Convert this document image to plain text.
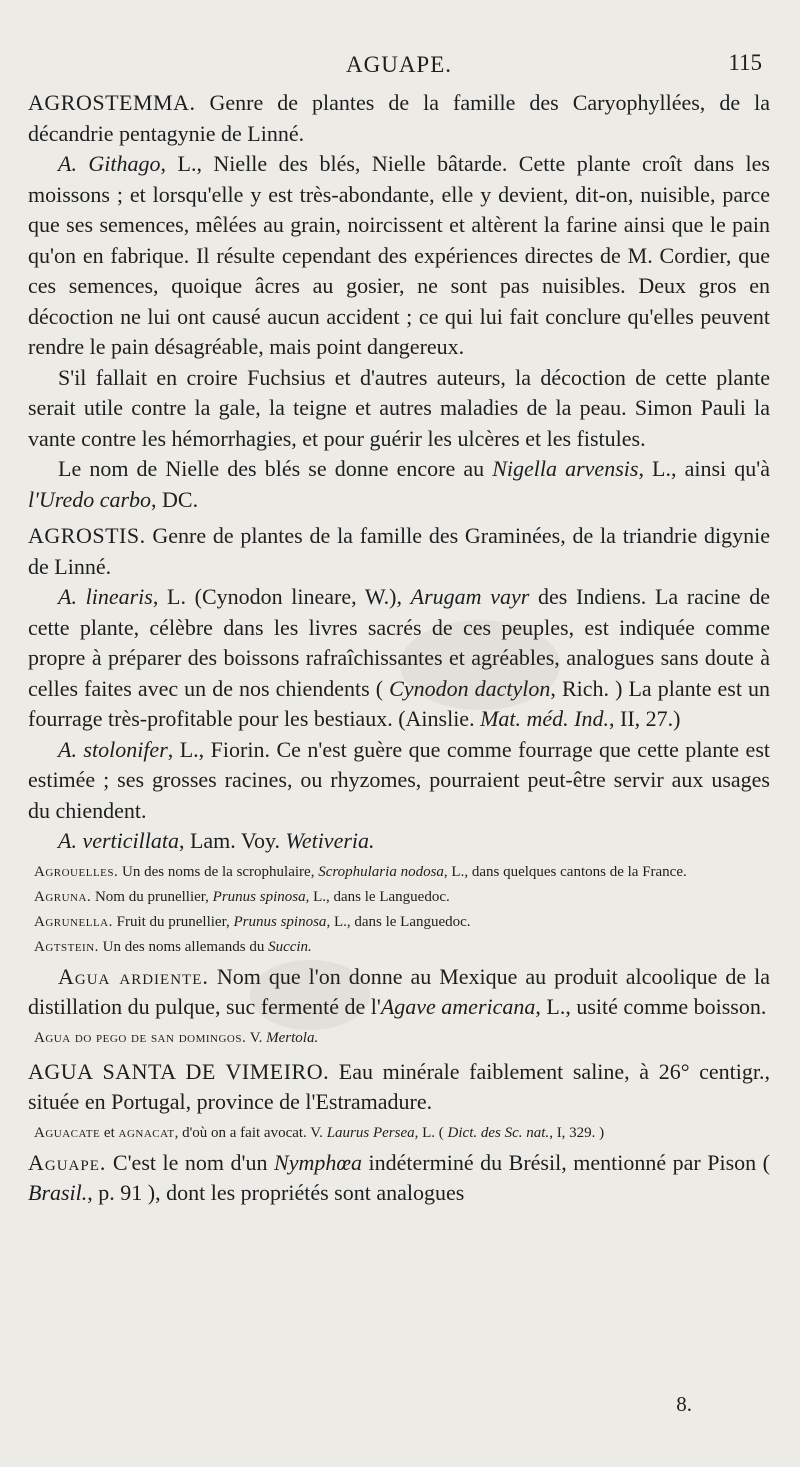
AGUAPE.	115

AGROSTEMMA. Genre de plantes de la famille des Caryophyllées, de la décandrie pentagynie de Linné.

A. Githago, L., Nielle des blés, Nielle bâtarde. Cette plante croît dans les moissons ; et lorsqu'elle y est très-abondante, elle y devient, dit-on, nuisible, parce que ses semences, mêlées au grain, noircissent et altèrent la farine ainsi que le pain qu'on en fabrique. Il résulte cependant des expériences directes de M. Cordier, que ces semences, quoique âcres au gosier, ne sont pas nuisibles. Deux gros en décoction ne lui ont causé aucun accident ; ce qui lui fait conclure qu'elles peuvent rendre le pain désagréable, mais point dangereux.

S'il fallait en croire Fuchsius et d'autres auteurs, la décoction de cette plante serait utile contre la gale, la teigne et autres maladies de la peau. Simon Pauli la vante contre les hémorrhagies, et pour guérir les ulcères et les fistules.

Le nom de Nielle des blés se donne encore au Nigella arvensis, L., ainsi qu'à l'Uredo carbo, DC.

AGROSTIS. Genre de plantes de la famille des Graminées, de la triandrie digynie de Linné.

A. linearis, L. (Cynodon lineare, W.), Arugam vayr des Indiens. La racine de cette plante, célèbre dans les livres sacrés de ces peuples, est indiquée comme propre à préparer des boissons rafraîchissantes et agréables, analogues sans doute à celles faites avec un de nos chiendents ( Cynodon dactylon, Rich. ) La plante est un fourrage très-profitable pour les bestiaux. (Ainslie. Mat. méd. Ind., II, 27.)

A. stolonifer, L., Fiorin. Ce n'est guère que comme fourrage que cette plante est estimée ; ses grosses racines, ou rhyzomes, pourraient peut-être servir aux usages du chiendent.

A. verticillata, Lam. Voy. Wetiveria.

Agrouelles. Un des noms de la scrophulaire, Scrophularia nodosa, L., dans quelques cantons de la France.

Agruna. Nom du prunellier, Prunus spinosa, L., dans le Languedoc.

Agrunella. Fruit du prunellier, Prunus spinosa, L., dans le Languedoc.

Agtstein. Un des noms allemands du Succin.

Agua ardiente. Nom que l'on donne au Mexique au produit alcoolique de la distillation du pulque, suc fermenté de l'Agave americana, L., usité comme boisson.

Agua do pego de san domingos. V. Mertola.

AGUA SANTA DE VIMEIRO. Eau minérale faiblement saline, à 26° centigr., située en Portugal, province de l'Estramadure.

Aguacate et agnacat, d'où on a fait avocat. V. Laurus Persea, L. ( Dict. des Sc. nat., I, 329. )

Aguape. C'est le nom d'un Nymphœa indéterminé du Brésil, mentionné par Pison ( Brasil., p. 91 ), dont les propriétés sont analogues

8.
